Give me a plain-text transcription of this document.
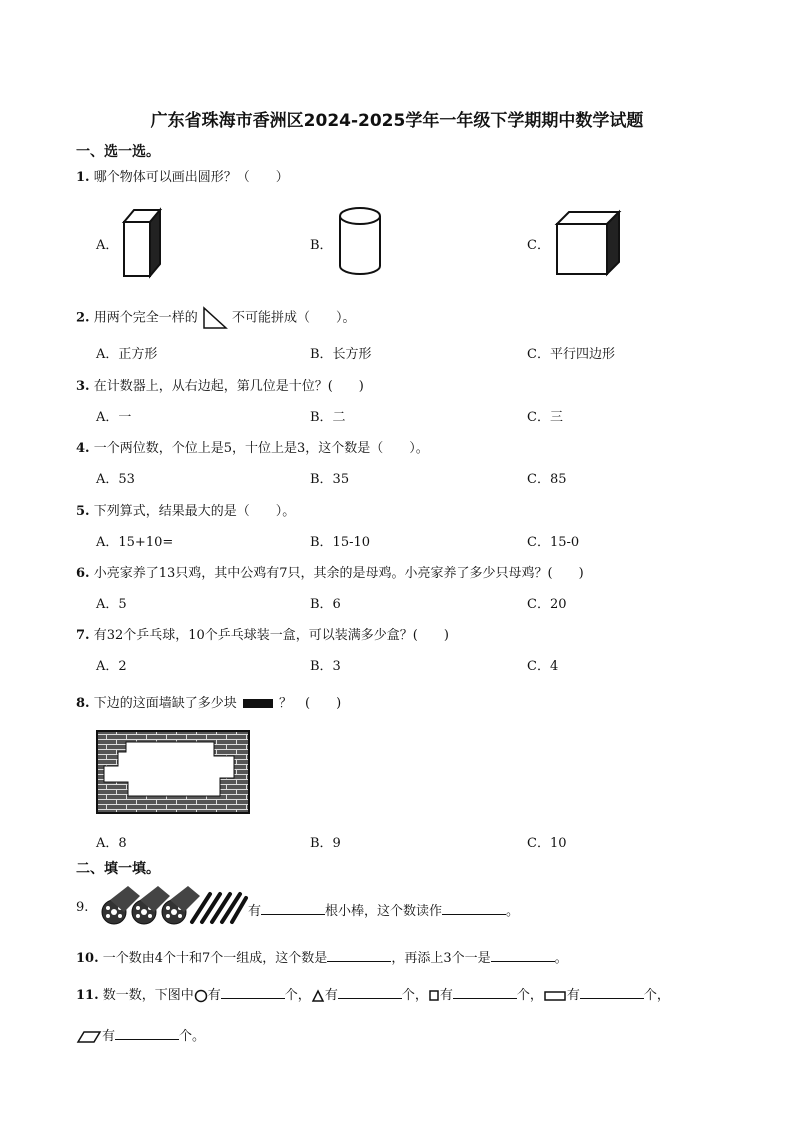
广东省珠海市香洲区2024-2025学年一年级下学期期中数学试题
一、选一选。
1. 哪个物体可以画出圆形？（　　）
A．	B．	C．
2. 用两个完全一样的	不可能拼成（　　）。
A．正方形	B．长方形	C．平行四边形
3. 在计数器上，从右边起，第几位是十位？(　　)
A．一	B．二	C．三
4. 一个两位数，个位上是5，十位上是3，这个数是（　　）。
A．53	B．35	C．85
5. 下列算式，结果最大的是（　　）。
A．15+10=	B．15-10	C．15-0
6. 小亮家养了13只鸡，其中公鸡有7只，其余的是母鸡。小亮家养了多少只母鸡？(　　)
A．5	B．6	C．20
7. 有32个乒乓球，10个乒乓球装一盒，可以装满多少盒？(　　)
A．2	B．3	C．4
8. 下边的这面墙缺了多少块	？　(　　)
A．8	B．9	C．10
二、填一填。
9.	有	根小棒，这个数读作	。
10. 一个数由4个十和7个一组成，这个数是	，再添上3个一是	。
11. 数一数，下图中 有	个， 有	个， 有	个， 有	个，
有	个。
